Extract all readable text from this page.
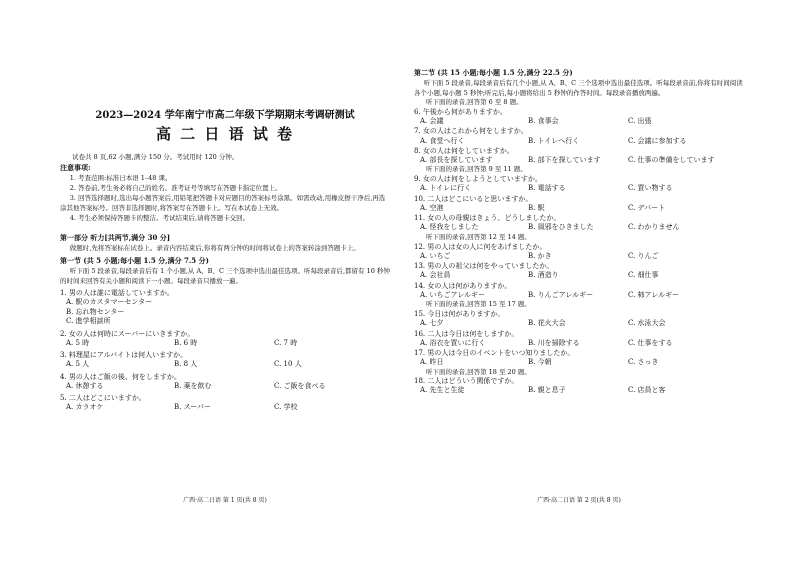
2023—2024 学年南宁市高二年级下学期期末考调研测试
高 二 日 语 试 卷
试卷共 8 页,62 小题,满分 150 分。考试用时 120 分钟。
注意事项:

1. 考查范围:标准日本语 1–48 课。

2. 答卷前,考生务必将自己的姓名、准考证号等填写在答题卡指定位置上。

3. 回答选择题时,选出每小题答案后,用铅笔把答题卡对应题目的答案标号涂黑。如需改动,用橡皮擦干净后,再选涂其他答案标号。回答非选择题时,将答案写在答题卡上。写在本试卷上无效。

4. 考生必须保持答题卡的整洁。考试结束后,请将答题卡交回。

第一部分 听力[共两节,满分 30 分]

做题时,先将答案标在试卷上。录音内容结束后,你将有两分钟的时间将试卷上的答案转涂到答题卡上。

第一节 (共 5 小题;每小题 1.5 分,满分 7.5 分)

听下面 5 段录音,每段录音后有 1 个小题,从 A、B、C 三个选项中选出最佳选项。听每段录音后,都留有 10 秒钟的时间来回答有关小题和阅读下一小题。每段录音只播放一遍。

1. 男の人は誰に電話していますか。
A. 駅のカスタマーセンター
B. 忘れ物センター
C. 進学相談所
2. 女の人は何時にスーパーにいきますか。
A. 5 時	B. 6 時	C. 7 時
3. 料理屋にアルバイトは何人いますか。
A. 5 人	B. 8 人	C. 10 人
4. 男の人はご飯の後、何をしますか。
A. 休憩する	B. 薬を飲む	C. ご飯を食べる
5. 二人はどこにいますか。
A. カラオケ	B. スーパー	C. 学校
广西·高二日语 第 1 页(共 8 页)
第二节 (共 15 小题;每小题 1.5 分,满分 22.5 分)

听下面 5 段录音,每段录音后有几个小题,从 A、B、C 三个选项中选出最佳选项。听每段录音前,你将有时间阅读各个小题,每小题 5 秒钟;听完后,每小题将给出 5 秒钟的作答时间。每段录音播放两遍。

听下面的录音,回答第 6 至 8 题。
6. 午後から何がありますか。
A. 会議	B. 食事会	C. 出張
7. 女の人はこれから何をしますか。
A. 食堂へ行く	B. トイレへ行く	C. 会議に参加する
8. 女の人は何をしていますか。
A. 部長を探しています	B. 部下を探しています	C. 仕事の準備をしています
听下面的录音,回答第 9 至 11 题。
9. 女の人は何をしようとしていますか。
A. トイレに行く	B. 電話する	C. 買い物する
10. 二人はどこにいると思いますか。
A. 空港	B. 駅	C. デパート
11. 女の人の母親はきょう、どうしましたか。
A. 怪我をしました	B. 風邪をひきました	C. わかりません
听下面的录音,回答第 12 至 14 题。
12. 男の人は女の人に何をあげましたか。
A. いちご	B. かき	C. りんご
13. 男の人の祖父は何をやっていましたか。
A. 会社員	B. 酒造り	C. 畑仕事
14. 女の人は何がありますか。
A. いちごアレルギー	B. りんごアレルギー	C. 柿アレルギー
听下面的录音,回答第 15 至 17 题。
15. 今日は何がありますか。
A. 七夕	B. 花火大会	C. 水泳大会
16. 二人は今日は何をしますか。
A. 浴衣を買いに行く	B. 川を掃除する	C. 仕事をする
17. 男の人は今日のイベントをいつ知りましたか。
A. 昨日	B. 今朝	C. さっき
听下面的录音,回答第 18 至 20 题。
18. 二人はどういう関係ですか。
A. 先生と生徒	B. 親と息子	C. 店員と客
广西·高二日语 第 2 页(共 8 页)
